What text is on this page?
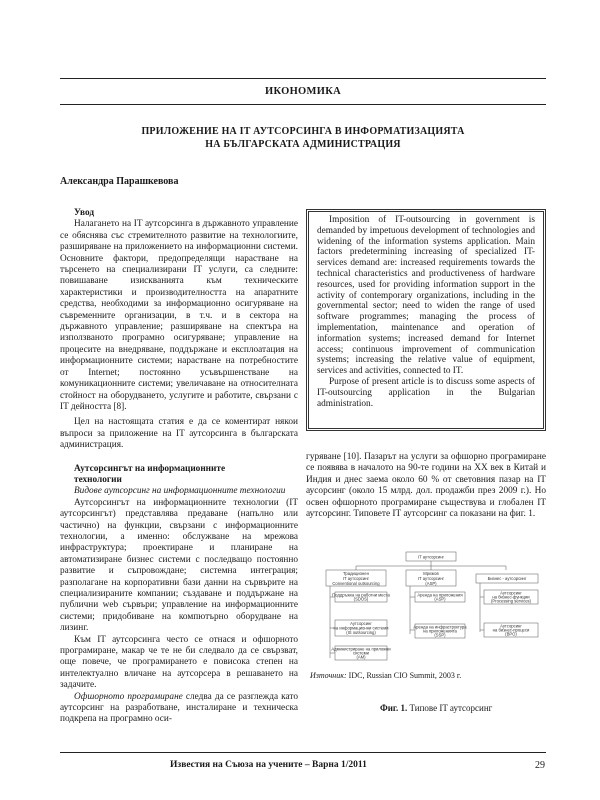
ИКОНОМИКА
ПРИЛОЖЕНИЕ НА IT АУТСОРСИНГА В ИНФОРМАТИЗАЦИЯТА
НА БЪЛГАРСКАТА АДМИНИСТРАЦИЯ
Александра Парашкевова

Увод

Налагането на IT аутсорсинга в държавното управление се обяснява със стремителното развитие на технологиите, разширяване на приложението на информационни системи. Основните фактори, предопределящи нарастване на търсенето на специализирани IT услуги, са следните: повишаване изискванията към техническите характеристики и производителността на апаратните средства, необходими за информационно осигуряване на съвременните организации, в т.ч. и в сектора на държавното управление; разширяване на спектъра на използваното програмно осигуряване; управление на процесите на внедряване, поддържане и експлоатация на информационните системи; нарастване на потребностите от Internet; постоянно усъвършенстване на комуникационните системи; увеличаване на относителната стойност на оборудването, услугите и работите, свързани с IT дейността [8].

Цел на настоящата статия е да се коментират някои въпроси за приложение на IT аутсорсинга в българската администрация.

Аутсорсингът на информационните

технологии

Видове аутсорсинг на информационните технологии

Аутсорсингът на информационните технологии (IT аутсорсингът) представлява предаване (напълно или частично) на функции, свързани с информационните технологии, а именно: обслужване на мрежова инфраструктура; проектиране и планиране на автоматизиране бизнес системи с последващо постоянно развитие и съпровождане; системна интеграция; разполагане на корпоративни бази данни на сървърите на специализираните компании; създаване и поддържане на публични web сървъри; управление на информационните системи; придобиване на компютърно оборудване на лизинг.

Към IT аутсорсинга често се отнася и офшорното програмиране, макар че те не би следвало да се свързват, още повече, че програмирането е повисока степен на интелектуално вличане на аутсорсера в решаването на задачите.

Офшорното програмиране следва да се разглежда като аутсорсинг на разработване, инсталиране и техническа подкрепа на програмно оси-

Imposition of IT-outsourcing in government is demanded by impetuous development of technologies and widening of the information systems application. Main factors predetermining increasing of specialized IT-services demand are: increased requirements towards the technical characteristics and productiveness of hardware resources, used for providing information support in the activity of contemporary organizations, including in the governmental sector; need to widen the range of used software programmes; managing the process of implementation, maintenance and operation of information systems; increased demand for Internet access; continuous improvement of communication systems; increasing the relative value of equipment, services and activities, connected to IT.

Purpose of present article is to discuss some aspects of IT-outsourcing application in the Bulgarian administration.

гуряване [10]. Пазарът на услуги за офшорно програмиране се появява в началото на 90-те години на ХХ век в Китай и Индия и днес заема около 60 % от световния пазар на IT аусорсинг (около 15 млрд. дол. продажби през 2009 г.). Но освен офшорното програмиране съществува и глобален IT аутсорсинг. Типовете IT аутсорсинг са показани на фиг. 1.

IT аутсорсинг
Традиционен
IT аутсорсинг
Conventional outsourcing
Мрежов
IT аутсорсинг
(ASP)
Бизнес - аутсорсинг
Поддръжка на работни места
(SDOS)
Аутсорсинг
на информационни системи
(IS outsourcing)
Администриране на приложни
системи
(AM)
Аренда на приложения
(ASP)
Аренда на инфраструктура
на приложенията
(SSP)
Аутсорсинг
на бизнес-функции
(Processing services)
Аутсорсинг
на бизнес-процеси
(BPO)
Източник: IDC, Russian CIO Summit, 2003 г.
Фиг. 1. Типове IT аутсорсинг
Известия на Съюза на учените – Варна 1/2011	29
